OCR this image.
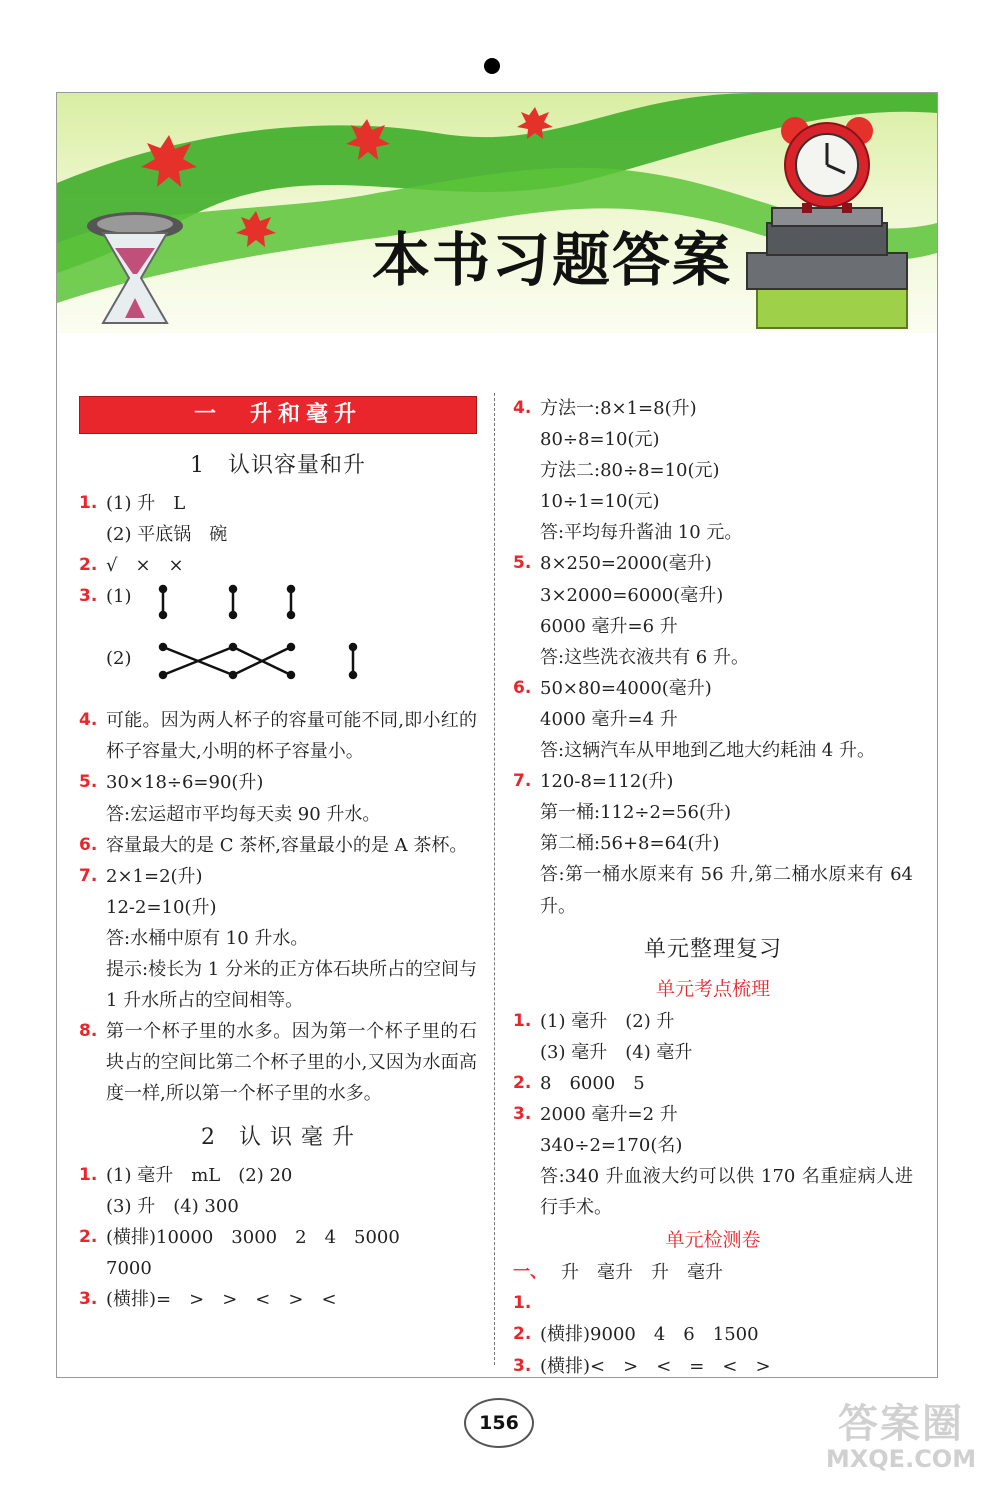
本书习题答案
一　升和毫升
1　认识容量和升
1. (1) 升　L
(2) 平底锅　碗
2. √　×　×
3. (1)
(2)
4. 可能。因为两人杯子的容量可能不同,即小红的杯子容量大,小明的杯子容量小。
5. 30×18÷6=90(升)
答:宏运超市平均每天卖 90 升水。
6. 容量最大的是 C 茶杯,容量最小的是 A 茶杯。
7. 2×1=2(升)
12-2=10(升)
答:水桶中原有 10 升水。
提示:棱长为 1 分米的正方体石块所占的空间与 1 升水所占的空间相等。
8. 第一个杯子里的水多。因为第一个杯子里的石块占的空间比第二个杯子里的小,又因为水面高度一样,所以第一个杯子里的水多。
2　认 识 毫 升
1. (1) 毫升　mL　(2) 20
(3) 升　(4) 300
2. (横排)10000　3000　2　4　5000
7000
3. (横排)=　>　>　<　>　<
4. 方法一:8×1=8(升)
80÷8=10(元)
方法二:80÷8=10(元)
10÷1=10(元)
答:平均每升酱油 10 元。
5. 8×250=2000(毫升)
3×2000=6000(毫升)
6000 毫升=6 升
答:这些洗衣液共有 6 升。
6. 50×80=4000(毫升)
4000 毫升=4 升
答:这辆汽车从甲地到乙地大约耗油 4 升。
7. 120-8=112(升)
第一桶:112÷2=56(升)
第二桶:56+8=64(升)
答:第一桶水原来有 56 升,第二桶水原来有 64 升。
单元整理复习
单元考点梳理
1. (1) 毫升　(2) 升
(3) 毫升　(4) 毫升
2. 8　6000　5
3. 2000 毫升=2 升
340÷2=170(名)
答:340 升血液大约可以供 170 名重症病人进行手术。
单元检测卷
一、1.
升　毫升　升　毫升
2. (横排)9000　4　6　1500
3. (横排)<　>　<　=　<　>
156	答案圈
MXQE.COM
